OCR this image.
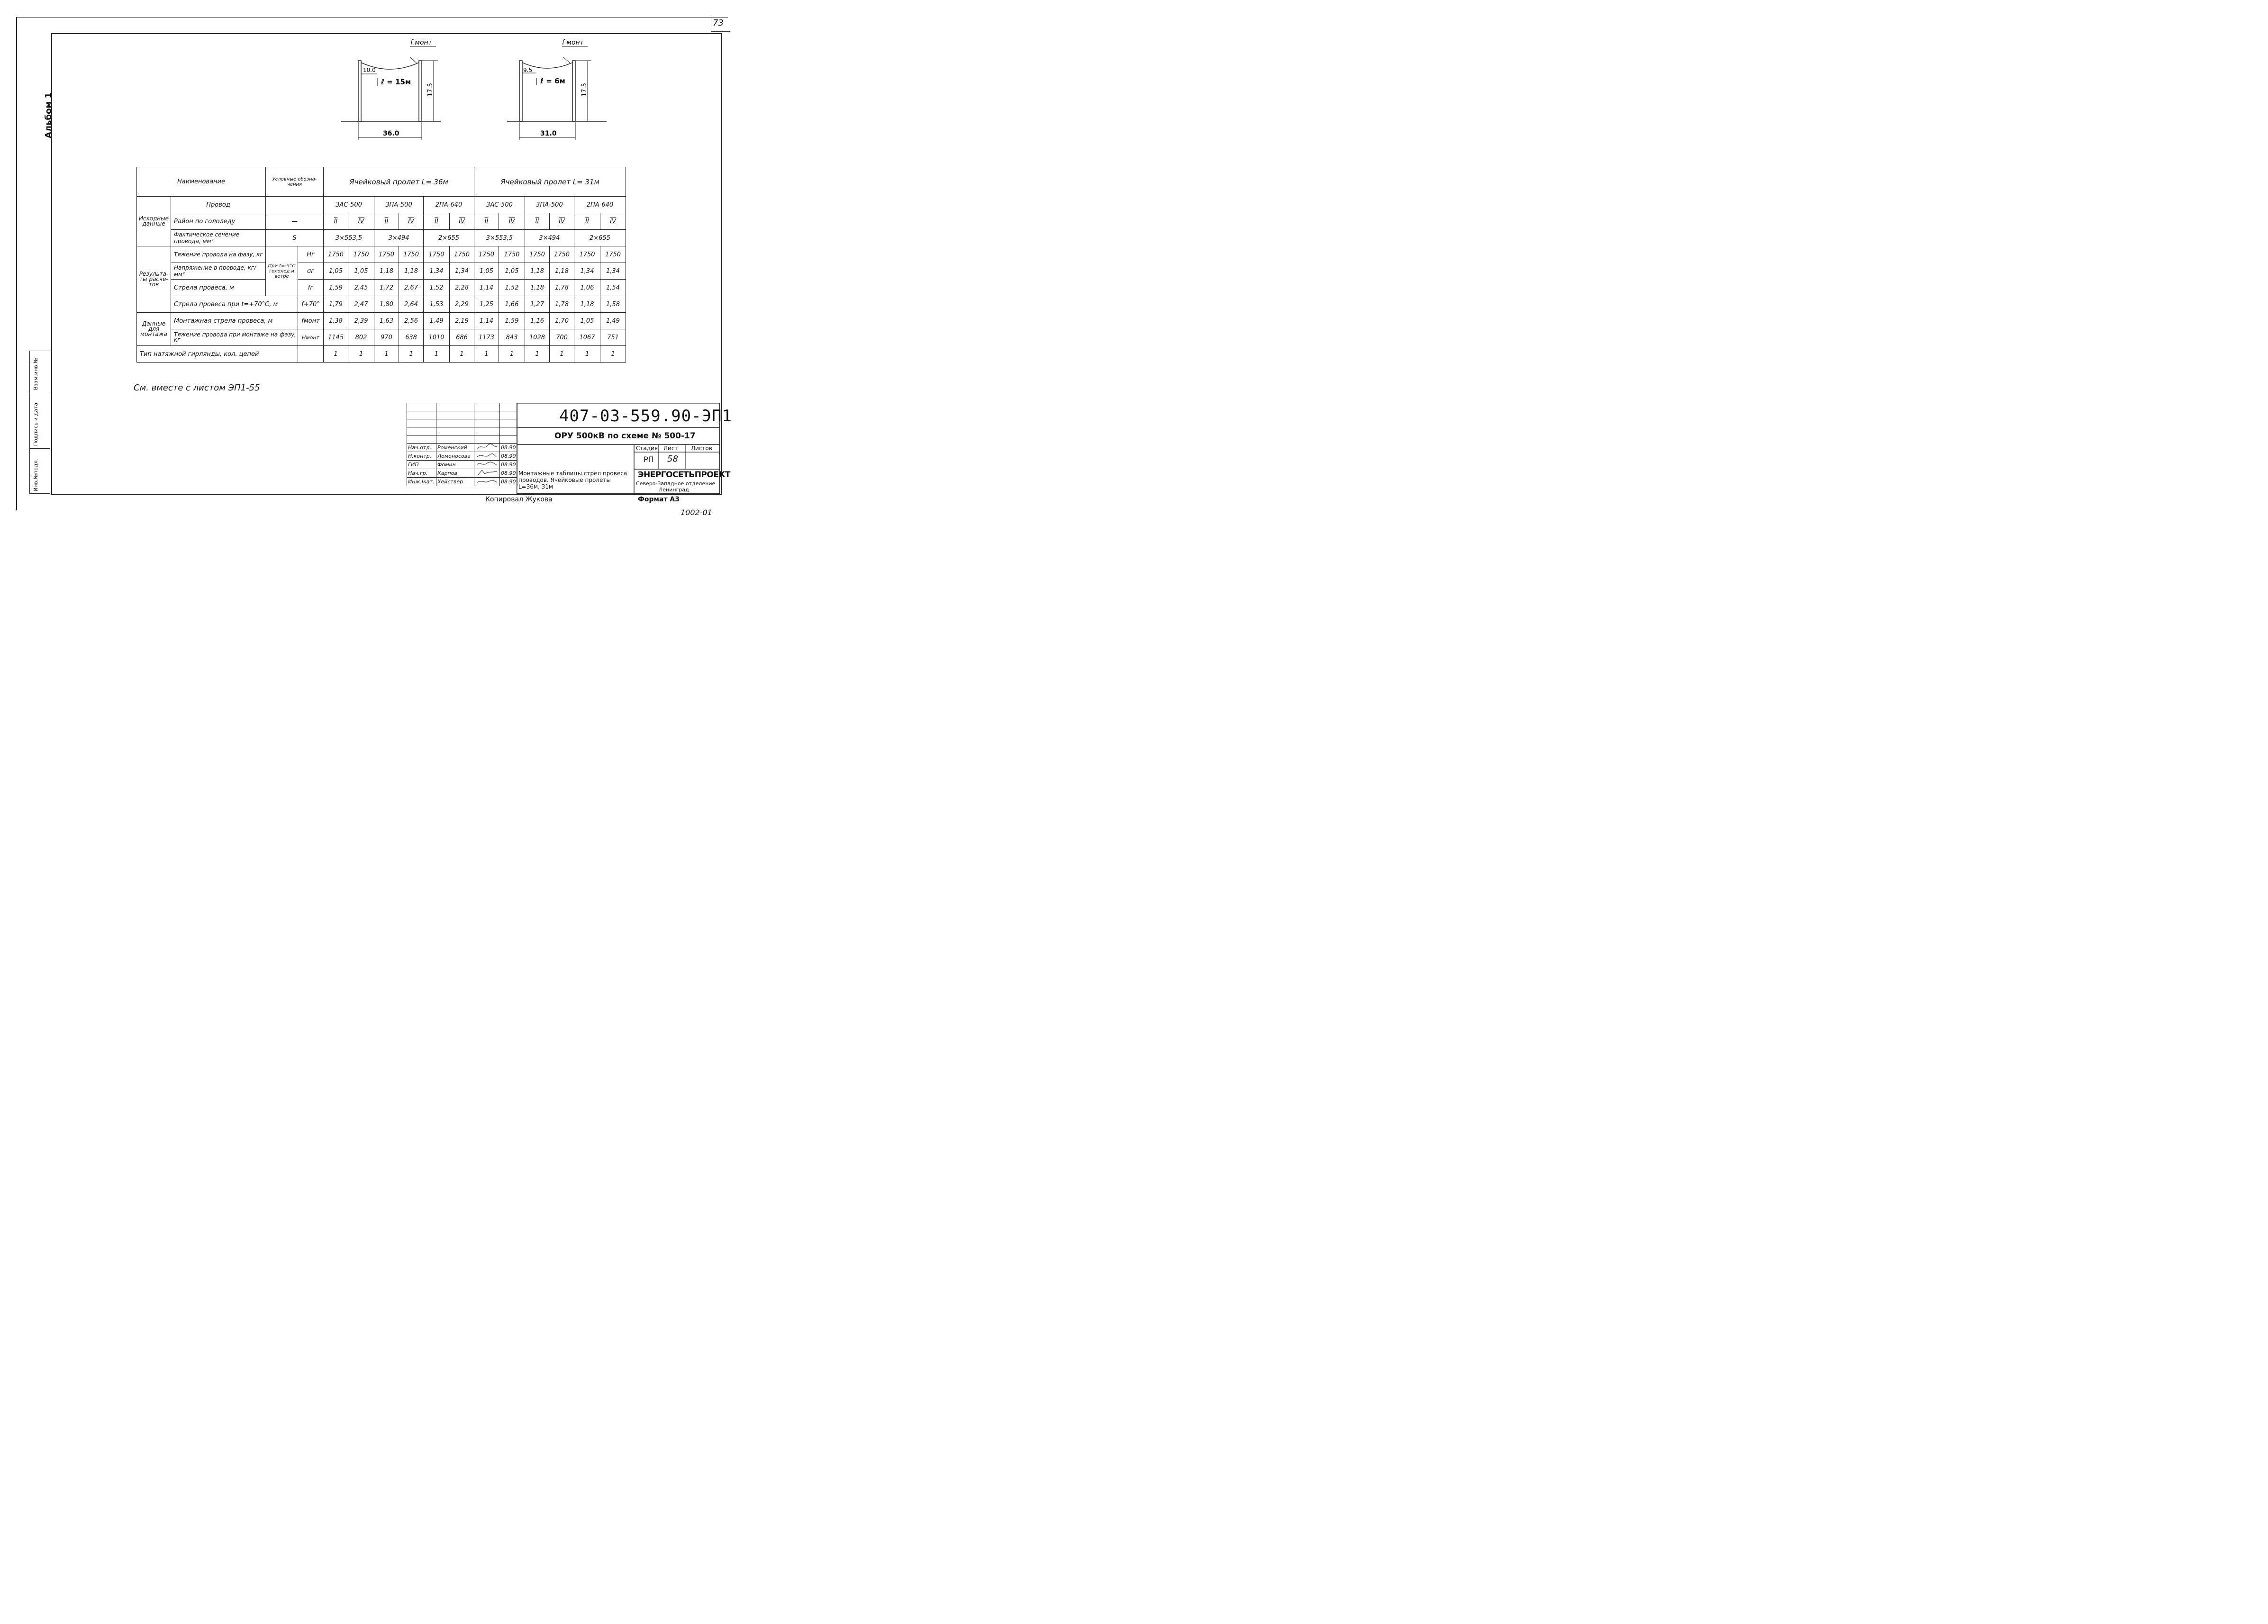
73
Альбом 1
Взам.инв.№
Подпись и дата
Инв.№подл.
f монт
10.0
ℓ = 15м
17.5
36.0
f монт
9.5
ℓ = 6м
17.5
31.0
Наименование		Условные обозна- чения		Ячейковый пролет L= 36м						Ячейковый пролет L= 31м					
Исходные данные	Провод			3АС-500		3ПА-500		2ПА-640		3АС-500		3ПА-500		2ПА-640	
	Район по гололеду	—		II	IV	II	IV	II	IV	II	IV	II	IV	II	IV
	Фактическое сечение провода, мм²	S		3×553,5		3×494		2×655		3×553,5		3×494		2×655	
Результа- ты расче- тов	Тяжение провода на фазу, кг	При t=-5°С гололед и ветре	Hг	1750	1750	1750	1750	1750	1750	1750	1750	1750	1750	1750	1750
	Напряжение в проводе, кг/мм²		σг	1,05	1,05	1,18	1,18	1,34	1,34	1,05	1,05	1,18	1,18	1,34	1,34
	Стрела провеса, м		fг	1,59	2,45	1,72	2,67	1,52	2,28	1,14	1,52	1,18	1,78	1,06	1,54
	Стрела провеса при t=+70°С, м		f+70°	1,79	2,47	1,80	2,64	1,53	2,29	1,25	1,66	1,27	1,78	1,18	1,58
Данные для монтажа	Монтажная стрела провеса, м		fмонт	1,38	2,39	1,63	2,56	1,49	2,19	1,14	1,59	1,16	1,70	1,05	1,49
	Тяжение провода при монтаже на фазу, кг		Hмонт	1145	802	970	638	1010	686	1173	843	1028	700	1067	751
Тип натяжной гирлянды, кол. цепей				1	1	1	1	1	1	1	1	1	1	1	1
См. вместе с листом ЭП1-55

Нач.отд.	Роменский		08.90
Н.контр.	Ломоносова		08.90
ГИП	Фомин		08.90
Нач.гр.	Карпов		08.90
Инж.Iкат.	Хействер		08.90
407-03-559.90-ЭП1
ОРУ 500кВ по схеме № 500-17
Стадия Лист Листов
РП 58
Монтажные таблицы стрел провеса проводов. Ячейковые пролеты L=36м, 31м
ЭНЕРГОСЕТЬПРОЕКТ
Северо-Западное отделение
Ленинград
Копировал Жукова	Формат А3
1002-01
